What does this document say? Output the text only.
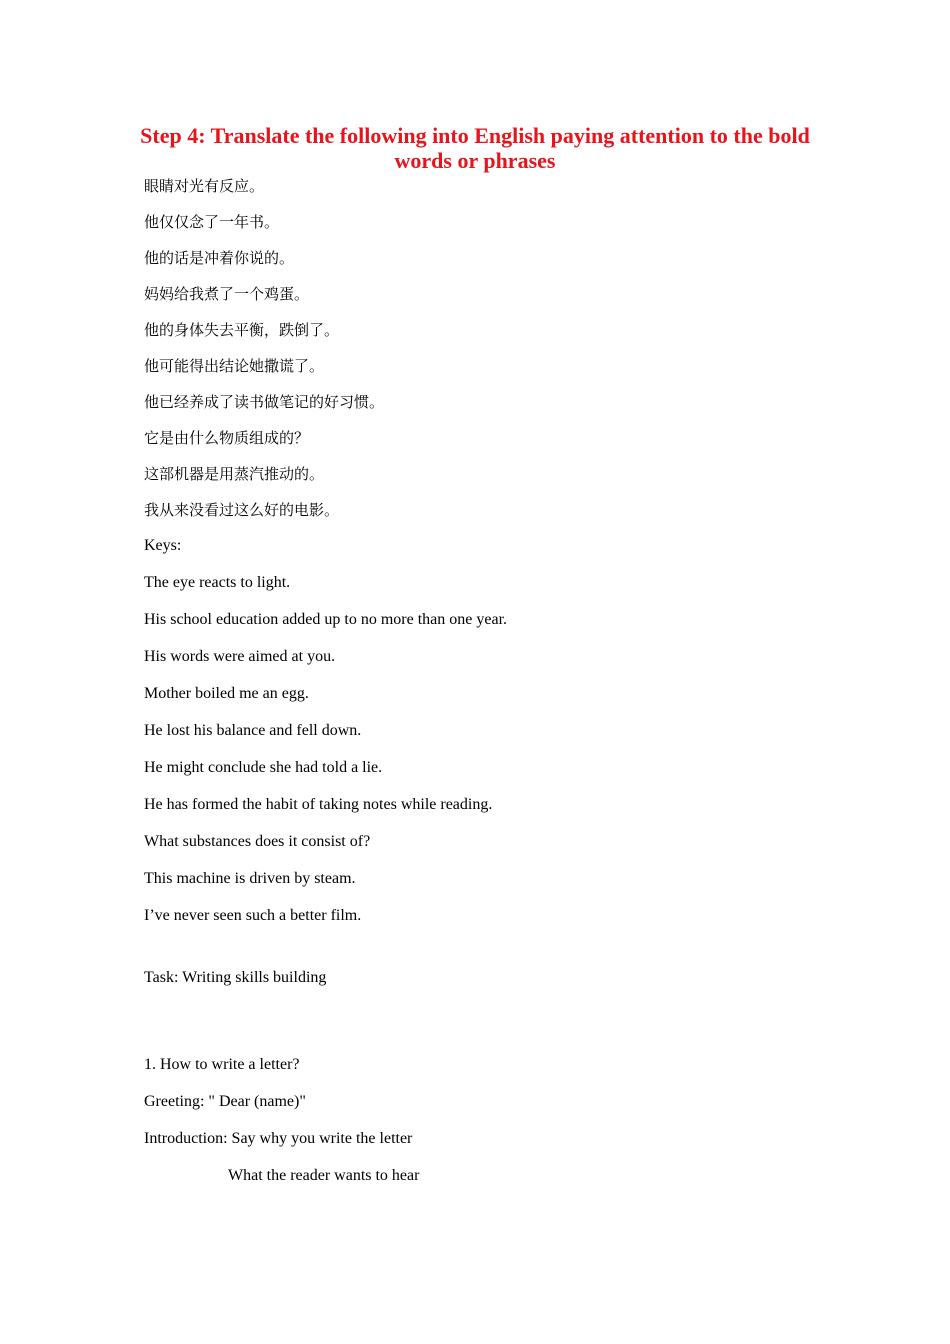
Step 4: Translate the following into English paying attention to the bold words or phrases
眼睛对光有反应。
他仅仅念了一年书。
他的话是冲着你说的。
妈妈给我煮了一个鸡蛋。
他的身体失去平衡，跌倒了。
他可能得出结论她撒谎了。
他已经养成了读书做笔记的好习惯。
它是由什么物质组成的？
这部机器是用蒸汽推动的。
我从来没看过这么好的电影。
Keys:
The eye reacts to light.
His school education added up to no more than one year.
His words were aimed at you.
Mother boiled me an egg.
He lost his balance and fell down.
He might conclude she had told a lie.
He has formed the habit of taking notes while reading.
What substances does it consist of?
This machine is driven by steam.
I’ve never seen such a better film.
Task: Writing skills building
1. How to write a letter?
Greeting: " Dear (name)"
Introduction: Say why you write the letter
What the reader wants to hear
